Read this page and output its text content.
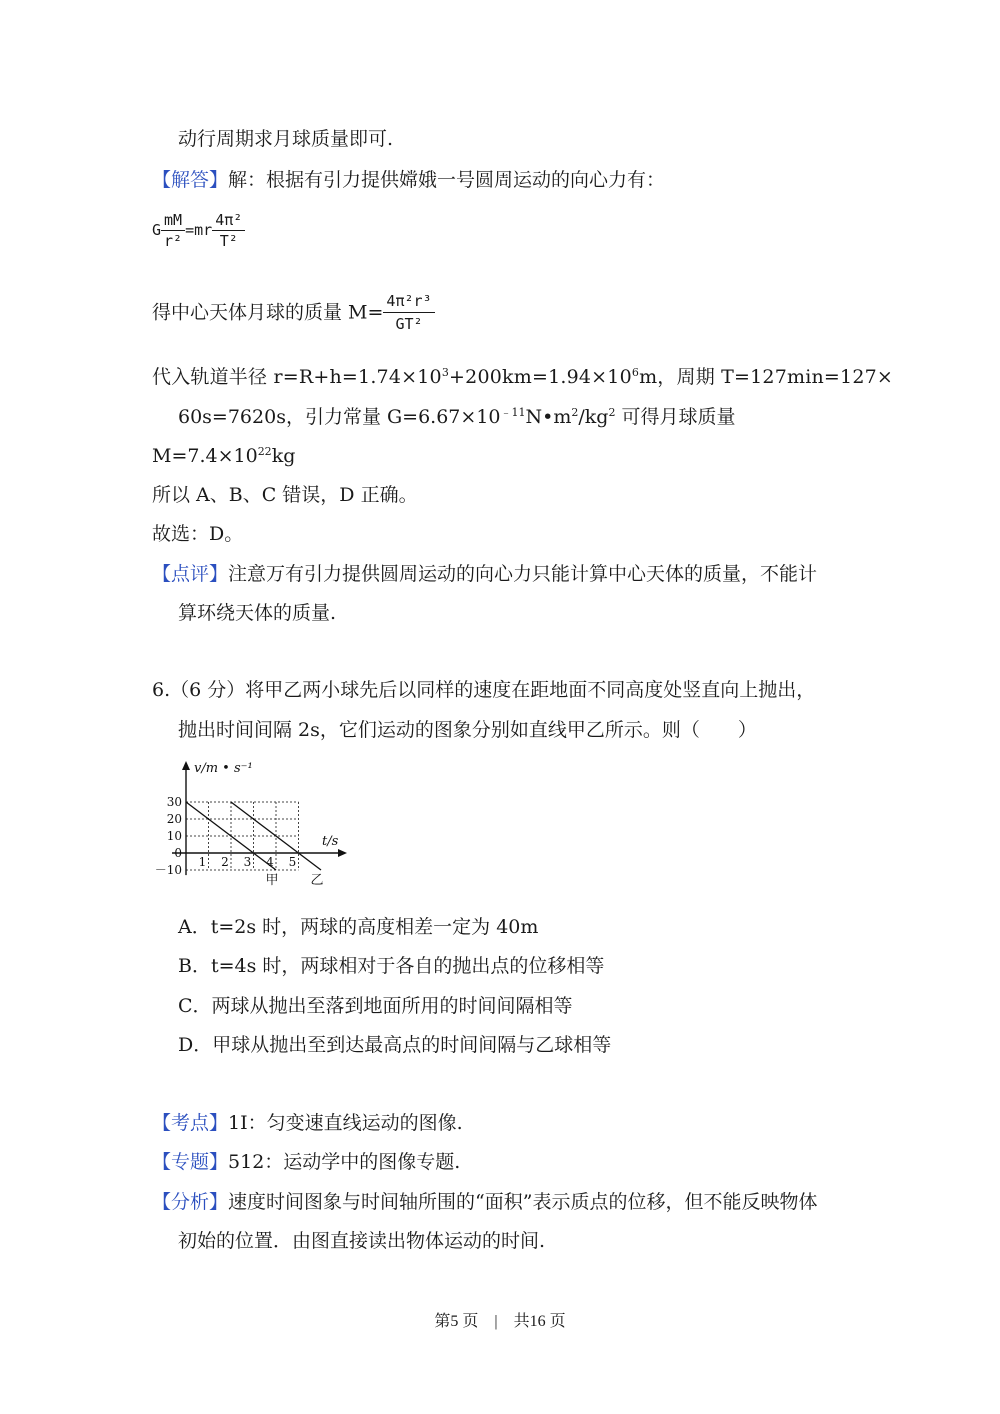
动行周期求月球质量即可.
【解答】解：根据有引力提供嫦娥一号圆周运动的向心力有：
G $\frac{mM}{\text{r²}} =mr \frac{\text{4π²}}{\text{T²}}$
得中心天体月球的质量 $M= \frac{\text{4π²r³}}{\text{GT²}}$
代入轨道半径 $r=R+h=1.74\times 10^3+200km=1.94\times 10^6m$，周期 T=127min=127×
60s=7620s，引力常量 $G=6.67\times 10^{﹣11}N•m^2/kg^2$ 可得月球质量
$M=7.4\times 10^{22}kg$
所以 A、B、C 错误，D 正确。
故选：D。
【点评】注意万有引力提供圆周运动的向心力只能计算中心天体的质量，不能计
算环绕天体的质量.
6.（6 分）将甲乙两小球先后以同样的速度在距地面不同高度处竖直向上抛出，
抛出时间间隔 2s，它们运动的图象分别如直线甲乙所示。则（　　）
甲 乙
30
20
10
0
－10
1 2 3 4 5
v/m • s⁻¹
t/s
A．t=2s 时，两球的高度相差一定为 40m
B．t=4s 时，两球相对于各自的抛出点的位移相等
C．两球从抛出至落到地面所用的时间间隔相等
D．甲球从抛出至到达最高点的时间间隔与乙球相等
【考点】1I：匀变速直线运动的图像.
【专题】512：运动学中的图像专题.
【分析】速度时间图象与时间轴所围的“面积”表示质点的位移，但不能反映物体
初始的位置．由图直接读出物体运动的时间.
第5 页　|　共16 页
